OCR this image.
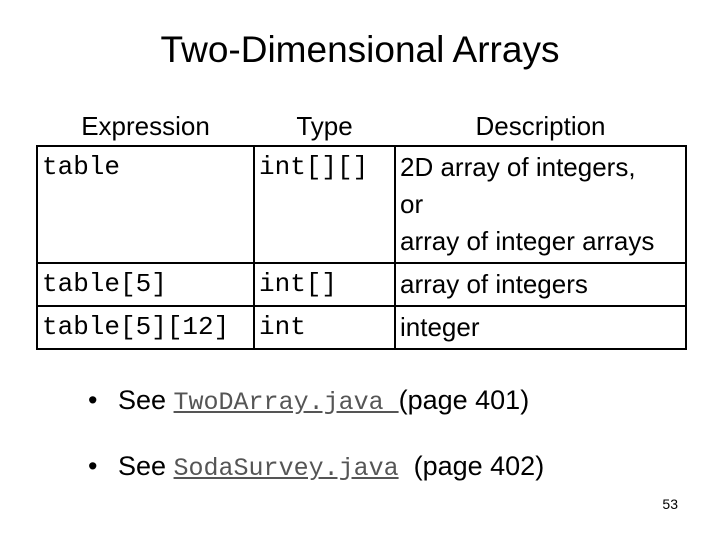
Two-Dimensional Arrays
Expression	Type	Description
table	int[][]	2D array of integers,
or
array of integer arrays

table[5]	int[]	array of integers

table[5][12]	int	integer
• See TwoDArray.java (page 401)
• See SodaSurvey.java  (page 402)
53
